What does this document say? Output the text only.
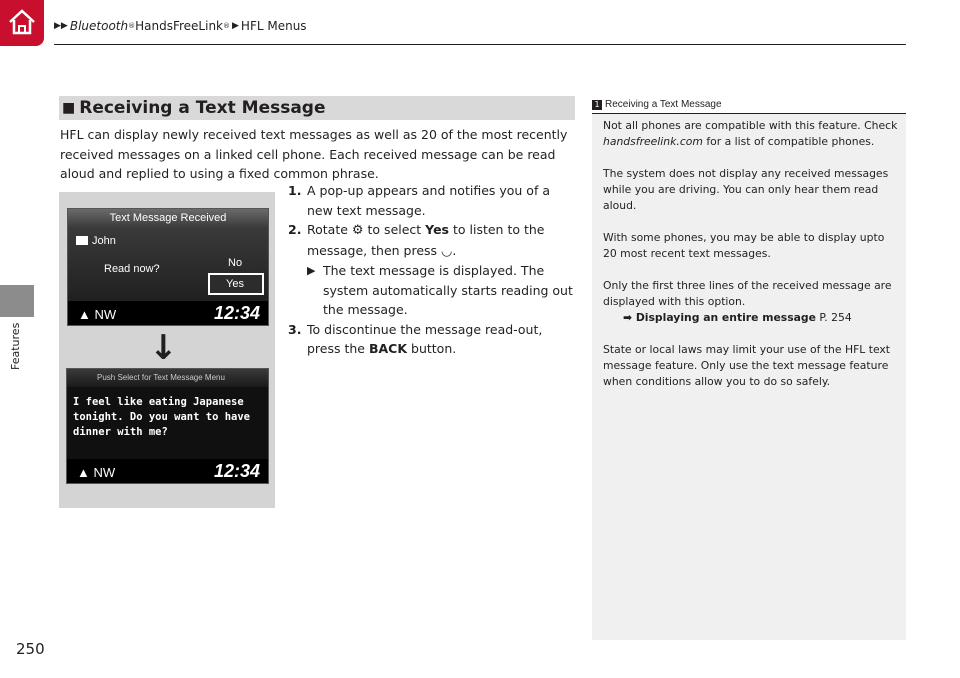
▶▶ Bluetooth ® HandsFreeLink ® ▶ HFL Menus
Features
250
■ Receiving a Text Message
HFL can display newly received text messages as well as 20 of the most recently received messages on a linked cell phone. Each received message can be read aloud and replied to using a fixed common phrase.
Text Message Received
John
Read now?	No
Yes
▲ NW	12:34
↓
Push Select for Text Message Menu
I feel like eating Japanese tonight. Do you want to have dinner with me?
▲ NW	12:34
1. A pop-up appears and notifies you of a new text message.
2. Rotate ⚙ to select Yes to listen to the message, then press ◡.
▶ The text message is displayed. The system automatically starts reading out the message.
3. To discontinue the message read-out, press the BACK button.
1 Receiving a Text Message

Not all phones are compatible with this feature. Check handsfreelink.com for a list of compatible phones.

The system does not display any received messages while you are driving. You can only hear them read aloud.

With some phones, you may be able to display upto 20 most recent text messages.

Only the first three lines of the received message are displayed with this option.
➡ Displaying an entire message P. 254

State or local laws may limit your use of the HFL text message feature. Only use the text message feature when conditions allow you to do so safely.
